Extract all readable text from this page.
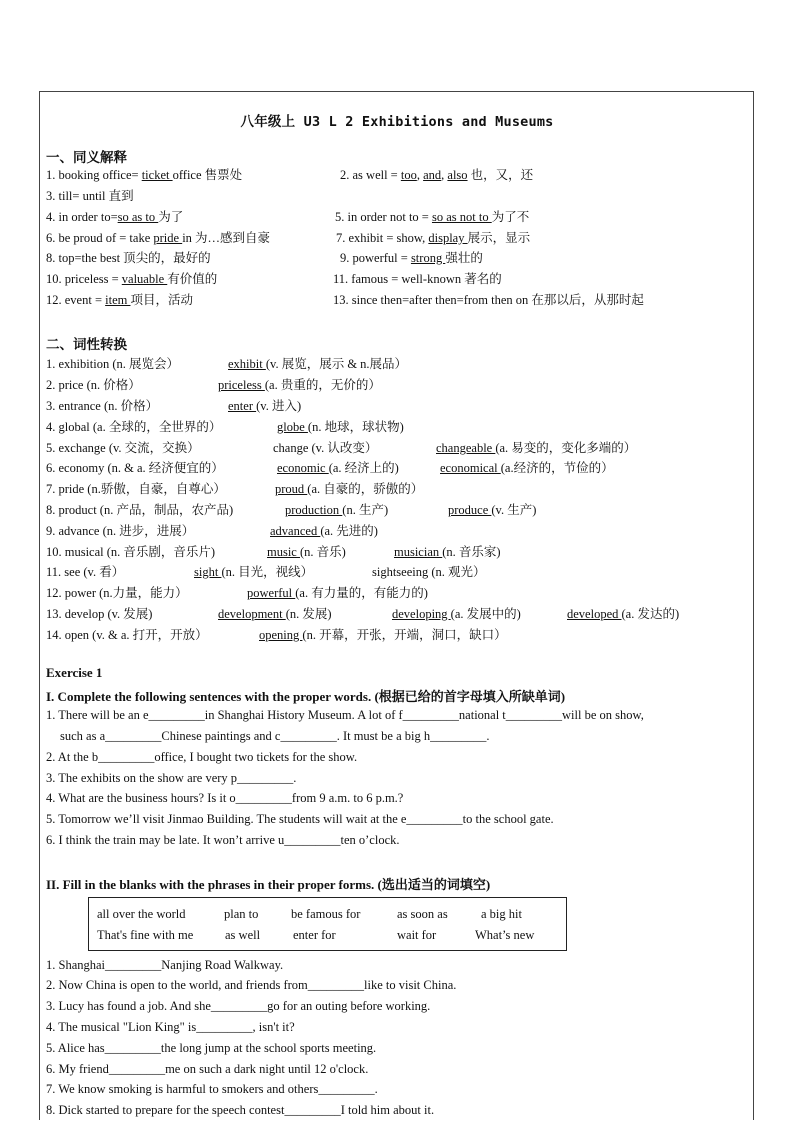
八年级上 U3 L 2 Exhibitions and Museums
一、同义解释
1. booking office= ticket office 售票处	2. as well = too, and, also 也，又，还
3. till= until 直到
4. in order to=so as to 为了	5. in order not to = so as not to 为了不
6. be proud of = take pride in 为…感到自豪	7. exhibit = show, display 展示，显示
8. top=the best 顶尖的，最好的	9. powerful = strong 强壮的
10. priceless = valuable 有价值的	11. famous = well-known 著名的
12. event = item 项目，活动	13. since then=after then=from then on 在那以后，从那时起
二、词性转换
1. exhibition (n. 展览会）	exhibit (v. 展览，展示 & n.展品）
2. price (n. 价格）	priceless (a. 贵重的，无价的）
3. entrance (n. 价格）	enter (v. 进入)
4. global (a. 全球的，全世界的）	globe (n. 地球，球状物)
5. exchange (v. 交流，交换）	change (v. 认改变）	changeable (a. 易变的，变化多端的）
6. economy (n. & a. 经济便宜的）	economic (a. 经济上的)	economical (a.经济的，节俭的）
7. pride (n.骄傲，自豪，自尊心）	proud (a. 自豪的，骄傲的）
8. product (n. 产品，制品，农产品)	production (n. 生产)	produce (v. 生产)
9. advance (n. 进步，进展）	advanced (a. 先进的)
10. musical (n. 音乐剧，音乐片)	music (n. 音乐)	musician (n. 音乐家)
11. see (v. 看）	sight (n. 目光，视线）	sightseeing (n. 观光）
12. power (n.力量，能力）	powerful (a. 有力量的，有能力的)
13. develop (v. 发展)	development (n. 发展)	developing (a. 发展中的)	developed (a. 发达的)
14. open (v. & a. 打开，开放）	opening (n. 开幕，开张，开端，洞口，缺口）
Exercise 1
I. Complete the following sentences with the proper words. (根据已给的首字母填入所缺单词)
1. There will be an e_________in Shanghai History Museum. A lot of f_________national t_________will be on show,
such as a_________Chinese paintings and c_________. It must be a big h_________.
2. At the b_________office, I bought two tickets for the show.
3. The exhibits on the show are very p_________.
4. What are the business hours? Is it o_________from 9 a.m. to 6 p.m.?
5. Tomorrow we’ll visit Jinmao Building. The students will wait at the e_________to the school gate.
6. I think the train may be late. It won’t arrive u_________ten o’clock.
II. Fill in the blanks with the phrases in their proper forms. (选出适当的词填空)
all over the world	plan to	be famous for	as soon as	a big hit
That's fine with me	as well	enter for	wait for	What’s new
1. Shanghai_________Nanjing Road Walkway.
2. Now China is open to the world, and friends from_________like to visit China.
3. Lucy has found a job. And she_________go for an outing before working.
4. The musical "Lion King" is_________, isn't it?
5. Alice has_________the long jump at the school sports meeting.
6. My friend_________me on such a dark night until 12 o'clock.
7. We know smoking is harmful to smokers and others_________.
8. Dick started to prepare for the speech contest_________I told him about it.
